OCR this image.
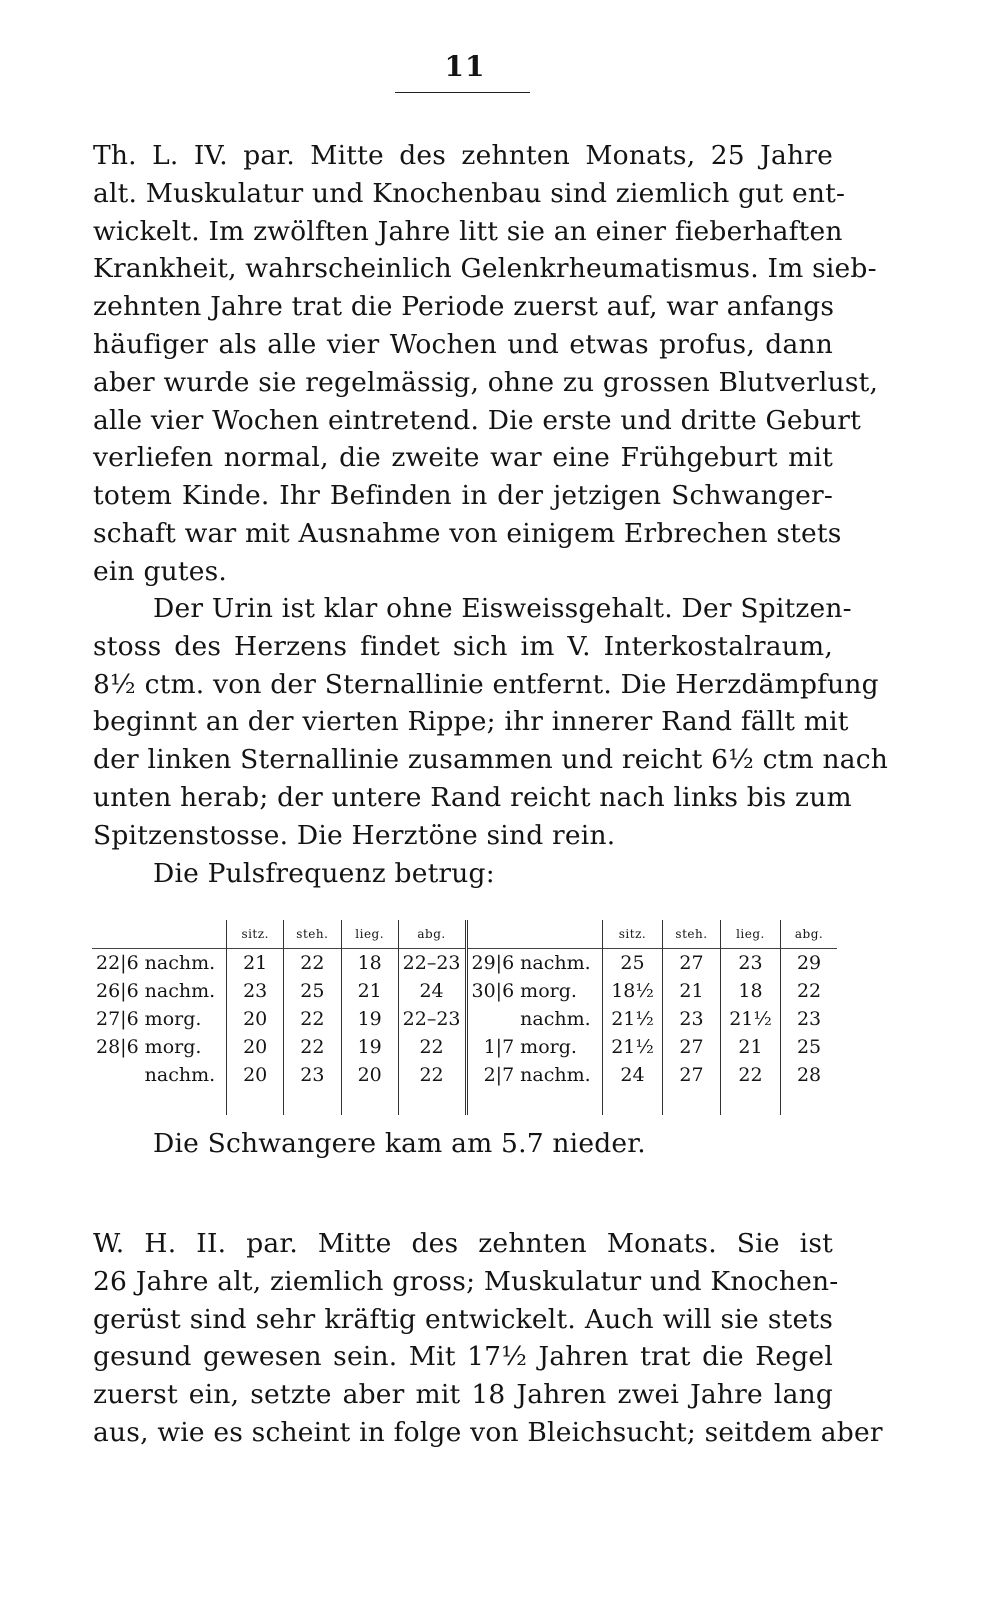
11
Th. L. IV. par. Mitte des zehnten Monats, 25 Jahre
alt. Muskulatur und Knochenbau sind ziemlich gut ent-
wickelt. Im zwölften Jahre litt sie an einer fieberhaften
Krankheit, wahrscheinlich Gelenkrheumatismus. Im sieb-
zehnten Jahre trat die Periode zuerst auf, war anfangs
häufiger als alle vier Wochen und etwas profus, dann
aber wurde sie regelmässig, ohne zu grossen Blutverlust,
alle vier Wochen eintretend. Die erste und dritte Geburt
verliefen normal, die zweite war eine Frühgeburt mit
totem Kinde. Ihr Befinden in der jetzigen Schwanger-
schaft war mit Ausnahme von einigem Erbrechen stets
ein gutes.
Der Urin ist klar ohne Eisweissgehalt. Der Spitzen-
stoss des Herzens findet sich im V. Interkostalraum,
8½ ctm. von der Sternallinie entfernt. Die Herzdämpfung
beginnt an der vierten Rippe; ihr innerer Rand fällt mit
der linken Sternallinie zusammen und reicht 6½ ctm nach
unten herab; der untere Rand reicht nach links bis zum
Spitzenstosse. Die Herztöne sind rein.
Die Pulsfrequenz betrug:
		sitz.	steh.	lieg.	abg.			sitz.	steh.	lieg.	abg.
22|6	nachm.	21	22	18	22–23	29|6	nachm.	25	27	23	29
26|6	nachm.	23	25	21	24	30|6	morg.	18½	21	18	22
27|6	morg.	20	22	19	22–23		nachm.	21½	23	21½	23
28|6	morg.	20	22	19	22	1|7	morg.	21½	27	21	25
	nachm.	20	23	20	22	2|7	nachm.	24	27	22	28

Die Schwangere kam am 5.7 nieder.
W. H. II. par. Mitte des zehnten Monats. Sie ist
26 Jahre alt, ziemlich gross; Muskulatur und Knochen-
gerüst sind sehr kräftig entwickelt. Auch will sie stets
gesund gewesen sein. Mit 17½ Jahren trat die Regel
zuerst ein, setzte aber mit 18 Jahren zwei Jahre lang
aus, wie es scheint in folge von Bleichsucht; seitdem aber
